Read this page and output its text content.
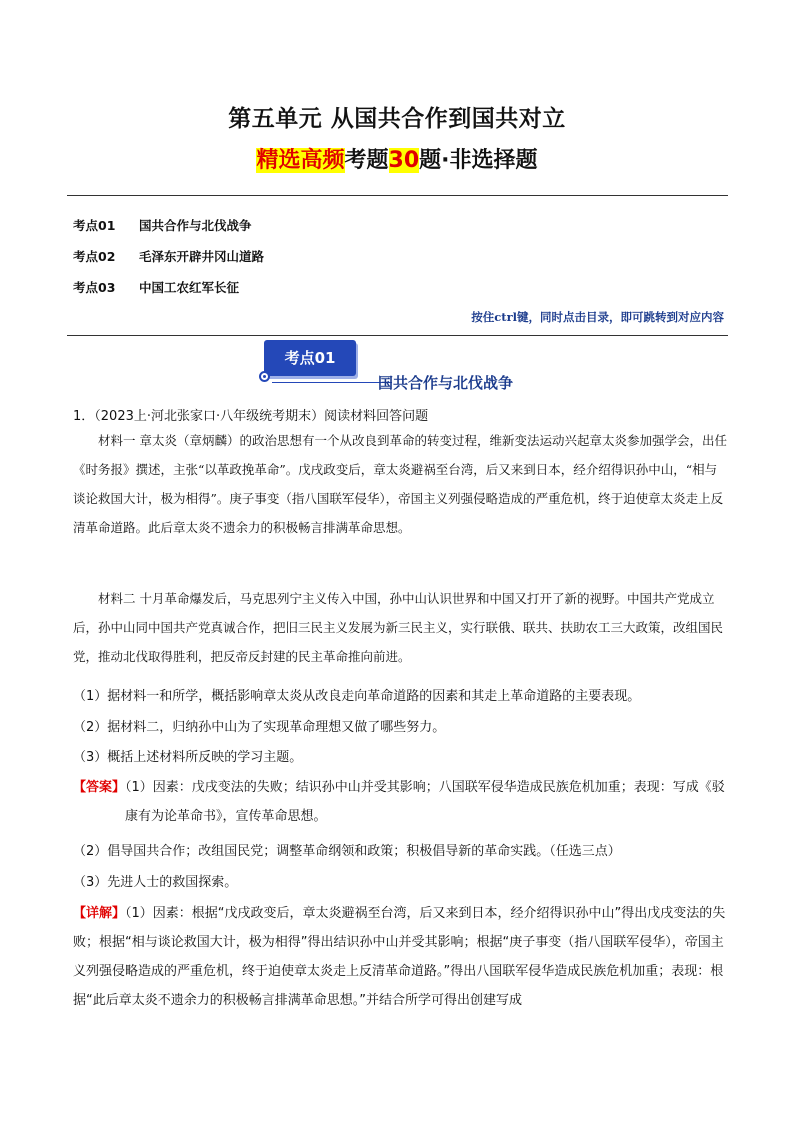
第五单元 从国共合作到国共对立
精选高频考题30题·非选择题
考点01 国共合作与北伐战争
考点02 毛泽东开辟井冈山道路
考点03 中国工农红军长征
按住ctrl键，同时点击目录，即可跳转到对应内容
考点01
国共合作与北伐战争
1．（2023上·河北张家口·八年级统考期末）阅读材料回答问题
材料一 章太炎（章炳麟）的政治思想有一个从改良到革命的转变过程，维新变法运动兴起章太炎参加强学会，出任《时务报》撰述，主张“以革政挽革命”。戊戌政变后，章太炎避祸至台湾，后又来到日本，经介绍得识孙中山，“相与谈论救国大计，极为相得”。庚子事变（指八国联军侵华），帝国主义列强侵略造成的严重危机，终于迫使章太炎走上反清革命道路。此后章太炎不遗余力的积极畅言排满革命思想。
材料二 十月革命爆发后，马克思列宁主义传入中国，孙中山认识世界和中国又打开了新的视野。中国共产党成立后，孙中山同中国共产党真诚合作，把旧三民主义发展为新三民主义，实行联俄、联共、扶助农工三大政策，改组国民党，推动北伐取得胜利，把反帝反封建的民主革命推向前进。
（1）据材料一和所学，概括影响章太炎从改良走向革命道路的因素和其走上革命道路的主要表现。
（2）据材料二，归纳孙中山为了实现革命理想又做了哪些努力。
（3）概括上述材料所反映的学习主题。
【答案】（1）因素：戊戌变法的失败；结识孙中山并受其影响；八国联军侵华造成民族危机加重；表现：写成《驳康有为论革命书》，宣传革命思想。
（2）倡导国共合作；改组国民党；调整革命纲领和政策；积极倡导新的革命实践。（任选三点）
（3）先进人士的救国探索。
【详解】（1）因素：根据“戊戌政变后，章太炎避祸至台湾，后又来到日本，经介绍得识孙中山”得出戊戌变法的失败；根据“相与谈论救国大计，极为相得”得出结识孙中山并受其影响；根据“庚子事变（指八国联军侵华），帝国主义列强侵略造成的严重危机，终于迫使章太炎走上反清革命道路。”得出八国联军侵华造成民族危机加重；表现：根据“此后章太炎不遗余力的积极畅言排满革命思想。”并结合所学可得出创建写成
